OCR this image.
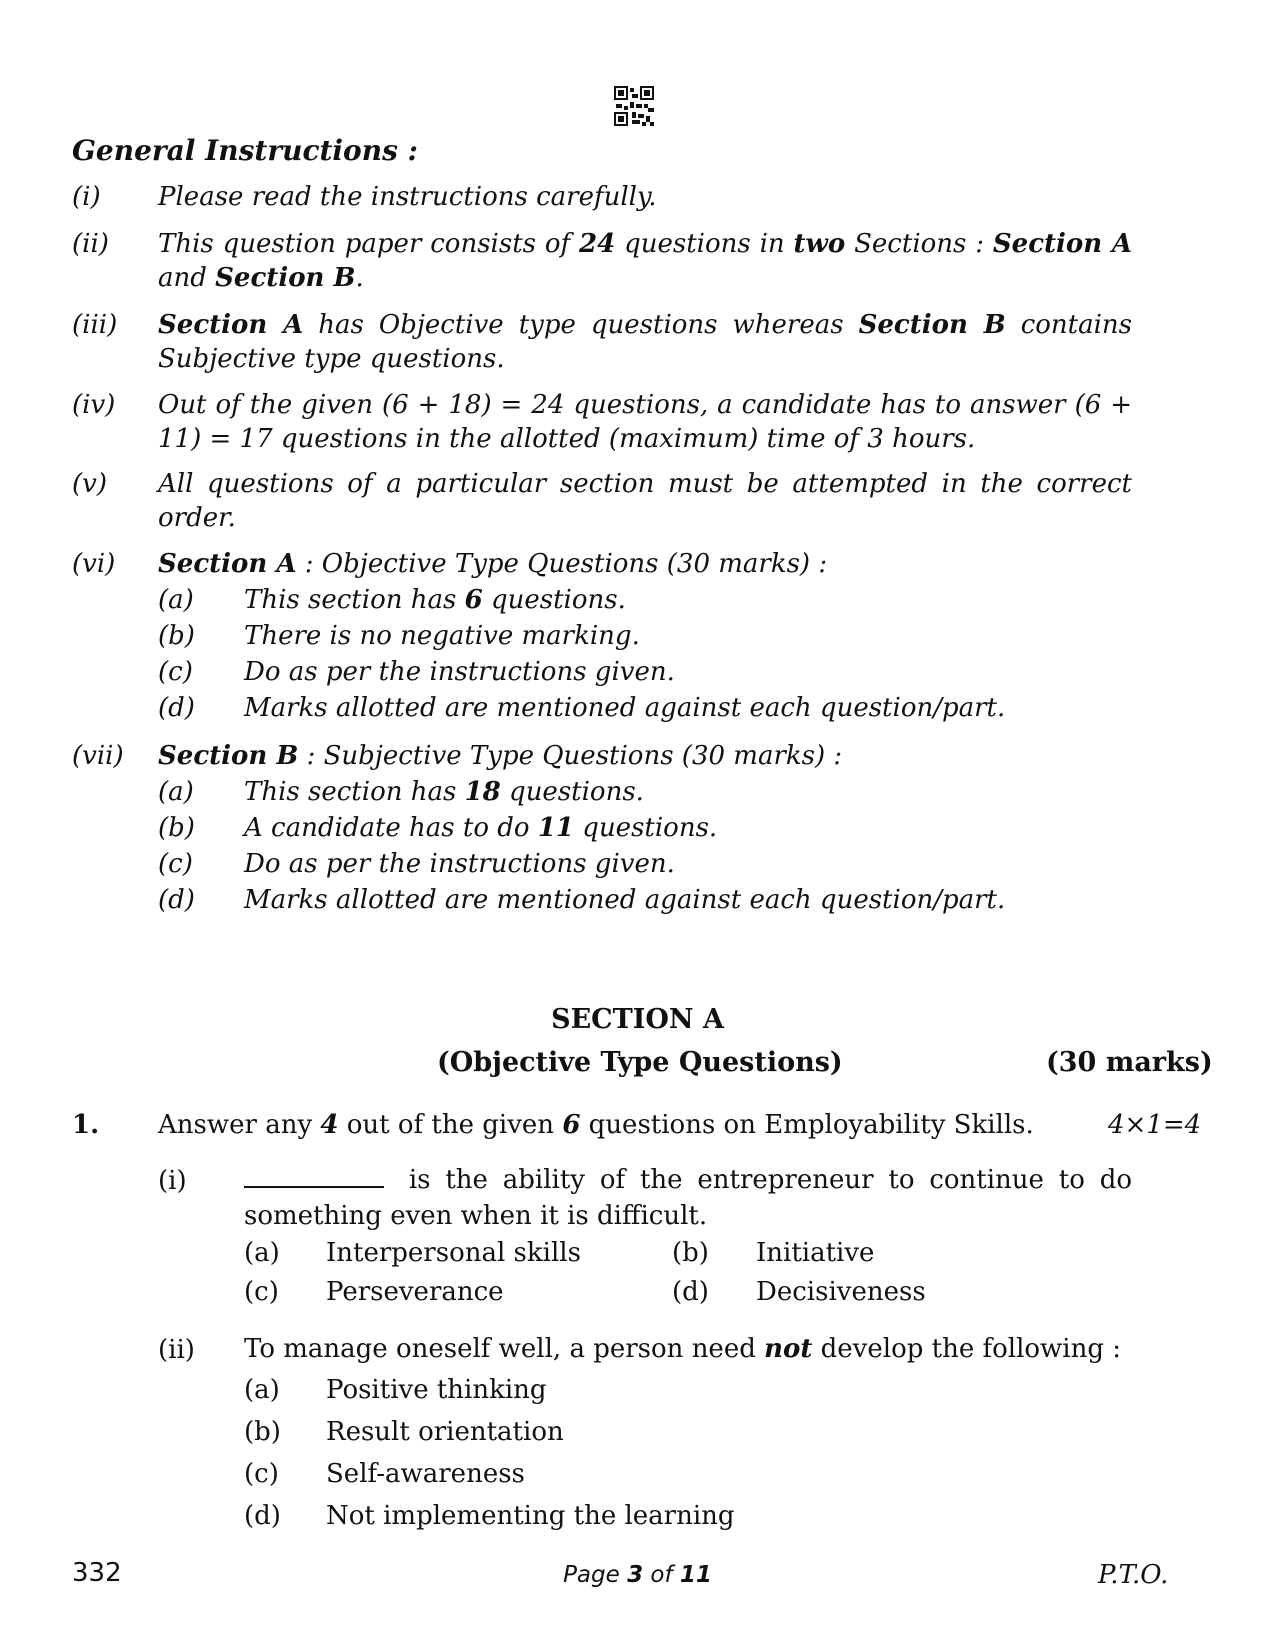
General Instructions :
(i) Please read the instructions carefully.
(ii) This question paper consists of 24 questions in two Sections : Section A and Section B.
(iii) Section A has Objective type questions whereas Section B contains Subjective type questions.
(iv) Out of the given (6 + 18) = 24 questions, a candidate has to answer (6 + 11) = 17 questions in the allotted (maximum) time of 3 hours.
(v) All questions of a particular section must be attempted in the correct order.
(vi) Section A : Objective Type Questions (30 marks) :
(a) This section has 6 questions.
(b) There is no negative marking.
(c) Do as per the instructions given.
(d) Marks allotted are mentioned against each question/part.
(vii) Section B : Subjective Type Questions (30 marks) :
(a) This section has 18 questions.
(b) A candidate has to do 11 questions.
(c) Do as per the instructions given.
(d) Marks allotted are mentioned against each question/part.
SECTION A
(Objective Type Questions)	(30 marks)
1. Answer any 4 out of the given 6 questions on Employability Skills.	4×1=4
(i)	is the ability of the entrepreneur to continue to do something even when it is difficult.
(a) Interpersonal skills	(b) Initiative
(c) Perseverance	(d) Decisiveness
(ii) To manage oneself well, a person need not develop the following :
(a) Positive thinking
(b) Result orientation
(c) Self-awareness
(d) Not implementing the learning
332	Page 3 of 11	P.T.O.
